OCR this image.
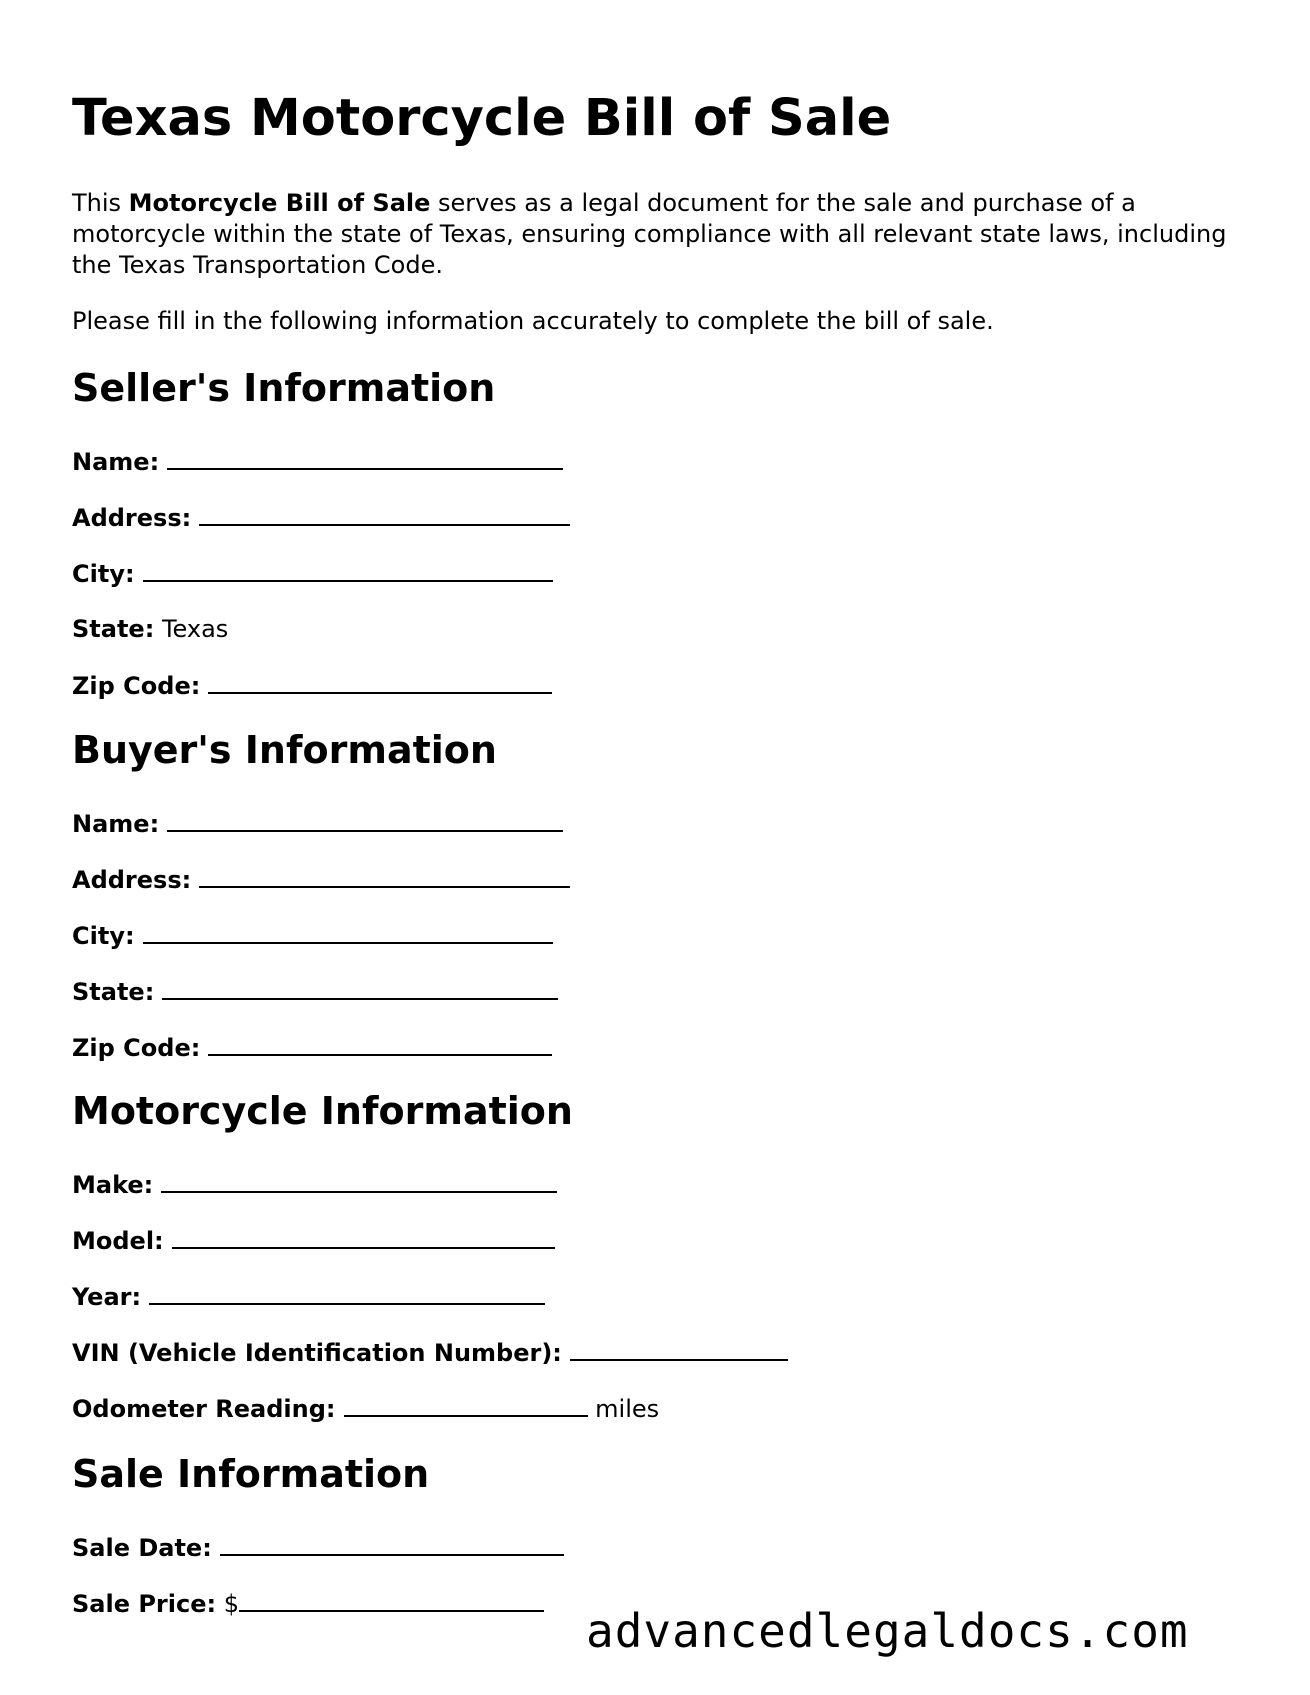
Texas Motorcycle Bill of Sale

This Motorcycle Bill of Sale serves as a legal document for the sale and purchase of a motorcycle within the state of Texas, ensuring compliance with all relevant state laws, including the Texas Transportation Code.

Please fill in the following information accurately to complete the bill of sale.

Seller's Information

Name:

Address:

City:

State: Texas

Zip Code:

Buyer's Information

Name:

Address:

City:

State:

Zip Code:

Motorcycle Information

Make:

Model:

Year:

VIN (Vehicle Identification Number):

Odometer Reading:	miles

Sale Information

Sale Date:

Sale Price: $	advancedlegaldocs.com
